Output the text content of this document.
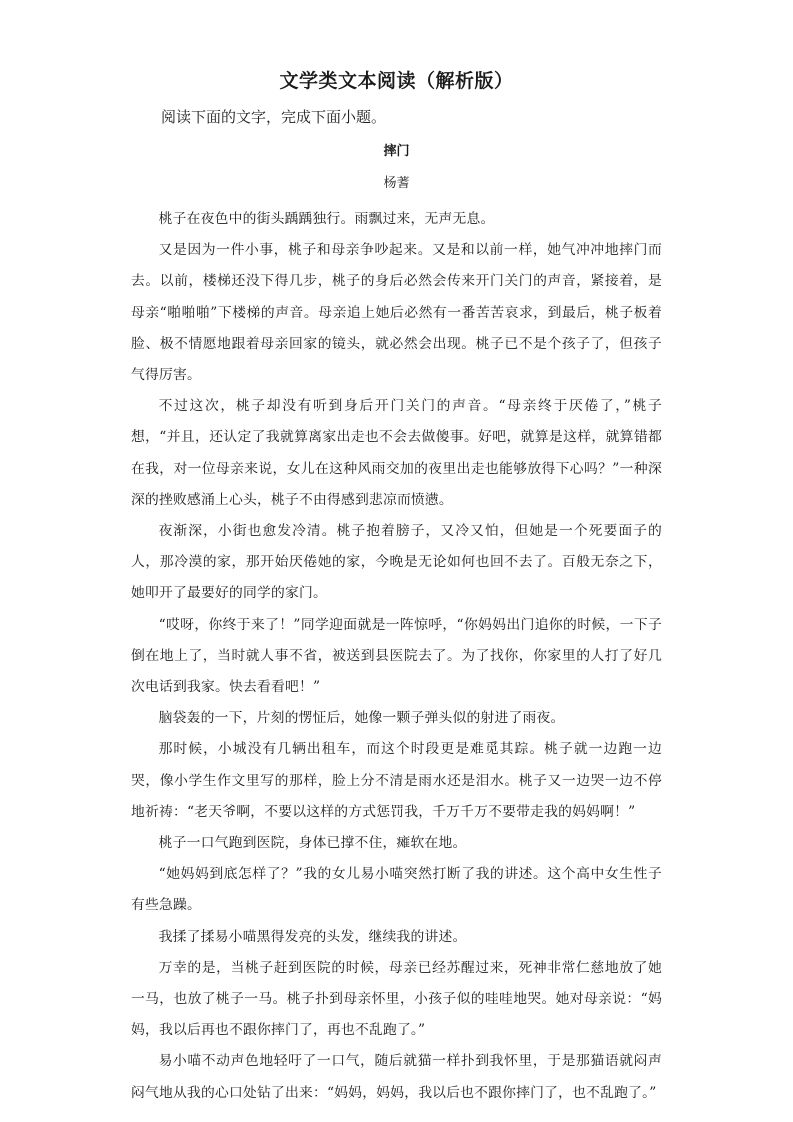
文学类文本阅读（解析版）

阅读下面的文字，完成下面小题。

摔门

杨蓍

桃子在夜色中的街头踽踽独行。雨飘过来，无声无息。

又是因为一件小事，桃子和母亲争吵起来。又是和以前一样，她气冲冲地摔门而去。以前，楼梯还没下得几步，桃子的身后必然会传来开门关门的声音，紧接着，是母亲“啪啪啪”下楼梯的声音。母亲追上她后必然有一番苦苦哀求，到最后，桃子板着脸、极不情愿地跟着母亲回家的镜头，就必然会出现。桃子已不是个孩子了，但孩子气得厉害。

不过这次，桃子却没有听到身后开门关门的声音。“母亲终于厌倦了，”桃子想，“并且，还认定了我就算离家出走也不会去做傻事。好吧，就算是这样，就算错都在我，对一位母亲来说，女儿在这种风雨交加的夜里出走也能够放得下心吗？”一种深深的挫败感涌上心头，桃子不由得感到悲凉而愤懑。

夜渐深，小街也愈发冷清。桃子抱着膀子，又冷又怕，但她是一个死要面子的人，那冷漠的家，那开始厌倦她的家，今晚是无论如何也回不去了。百般无奈之下，她叩开了最要好的同学的家门。

“哎呀，你终于来了！”同学迎面就是一阵惊呼，“你妈妈出门追你的时候，一下子倒在地上了，当时就人事不省，被送到县医院去了。为了找你，你家里的人打了好几次电话到我家。快去看看吧！”

脑袋轰的一下，片刻的愣怔后，她像一颗子弹头似的射进了雨夜。

那时候，小城没有几辆出租车，而这个时段更是难觅其踪。桃子就一边跑一边哭，像小学生作文里写的那样，脸上分不清是雨水还是泪水。桃子又一边哭一边不停地祈祷：“老天爷啊，不要以这样的方式惩罚我，千万千万不要带走我的妈妈啊！”

桃子一口气跑到医院，身体已撑不住，瘫软在地。

“她妈妈到底怎样了？”我的女儿易小喵突然打断了我的讲述。这个高中女生性子有些急躁。

我揉了揉易小喵黑得发亮的头发，继续我的讲述。

万幸的是，当桃子赶到医院的时候，母亲已经苏醒过来，死神非常仁慈地放了她一马，也放了桃子一马。桃子扑到母亲怀里，小孩子似的哇哇地哭。她对母亲说：“妈妈，我以后再也不跟你摔门了，再也不乱跑了。”

易小喵不动声色地轻吁了一口气，随后就猫一样扑到我怀里，于是那猫语就闷声闷气地从我的心口处钻了出来：“妈妈，妈妈，我以后也不跟你摔门了，也不乱跑了。”
